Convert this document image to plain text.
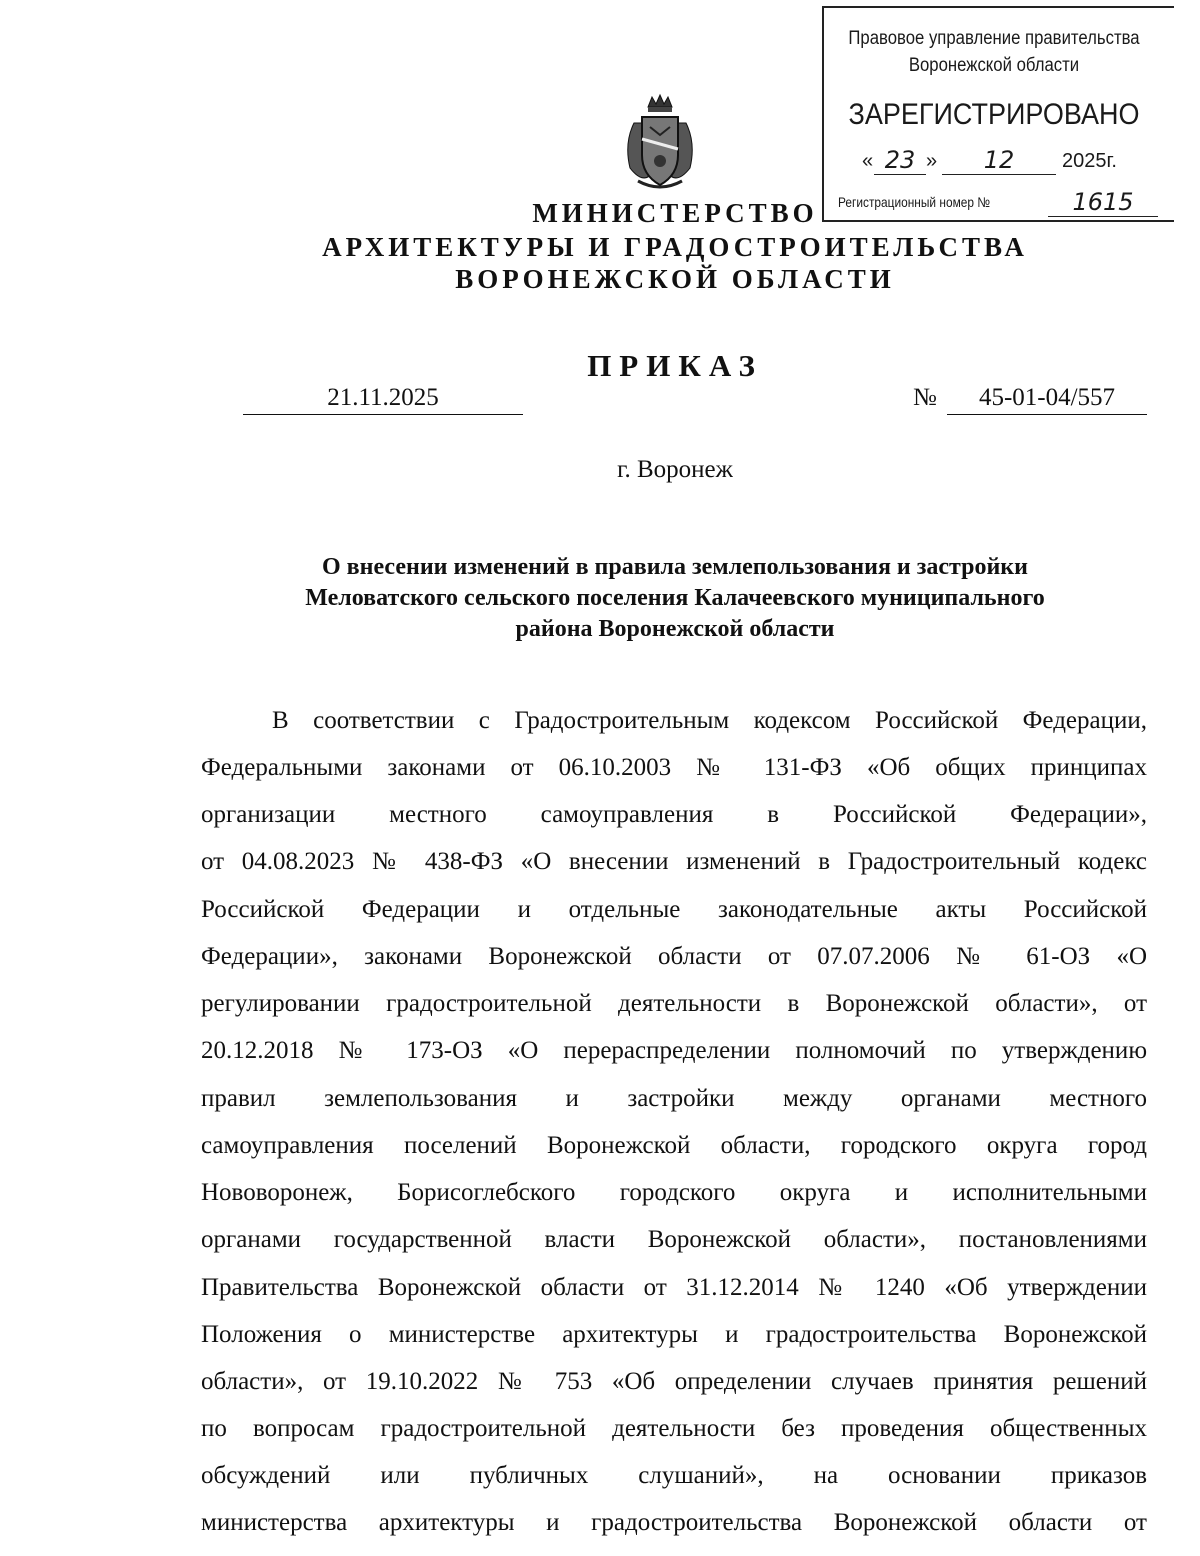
Правовое управление правительства
Воронежской области
ЗАРЕГИСТРИРОВАНО
« 23 »	12	2025г.
Регистрационный номер №	1615
МИНИСТЕРСТВО
АРХИТЕКТУРЫ И ГРАДОСТРОИТЕЛЬСТВА
ВОРОНЕЖСКОЙ ОБЛАСТИ
ПРИКАЗ
21.11.2025	№	45-01-04/557
г. Воронеж
О внесении изменений в правила землепользования и застройки
Меловатского сельского поселения Калачеевского муниципального
района Воронежской области
В соответствии с Градостроительным кодексом Российской Федерации,
Федеральными законами от 06.10.2003 № 131-ФЗ «Об общих принципах
организации местного самоуправления в Российской Федерации»,
от 04.08.2023 № 438-ФЗ «О внесении изменений в Градостроительный кодекс
Российской Федерации и отдельные законодательные акты Российской
Федерации», законами Воронежской области от 07.07.2006 № 61-ОЗ «О
регулировании градостроительной деятельности в Воронежской области», от
20.12.2018 № 173-ОЗ «О перераспределении полномочий по утверждению
правил землепользования и застройки между органами местного
самоуправления поселений Воронежской области, городского округа город
Нововоронеж, Борисоглебского городского округа и исполнительными
органами государственной власти Воронежской области», постановлениями
Правительства Воронежской области от 31.12.2014 № 1240 «Об утверждении
Положения о министерстве архитектуры и градостроительства Воронежской
области», от 19.10.2022 № 753 «Об определении случаев принятия решений
по вопросам градостроительной деятельности без проведения общественных
обсуждений или публичных слушаний», на основании приказов
министерства архитектуры и градостроительства Воронежской области от
